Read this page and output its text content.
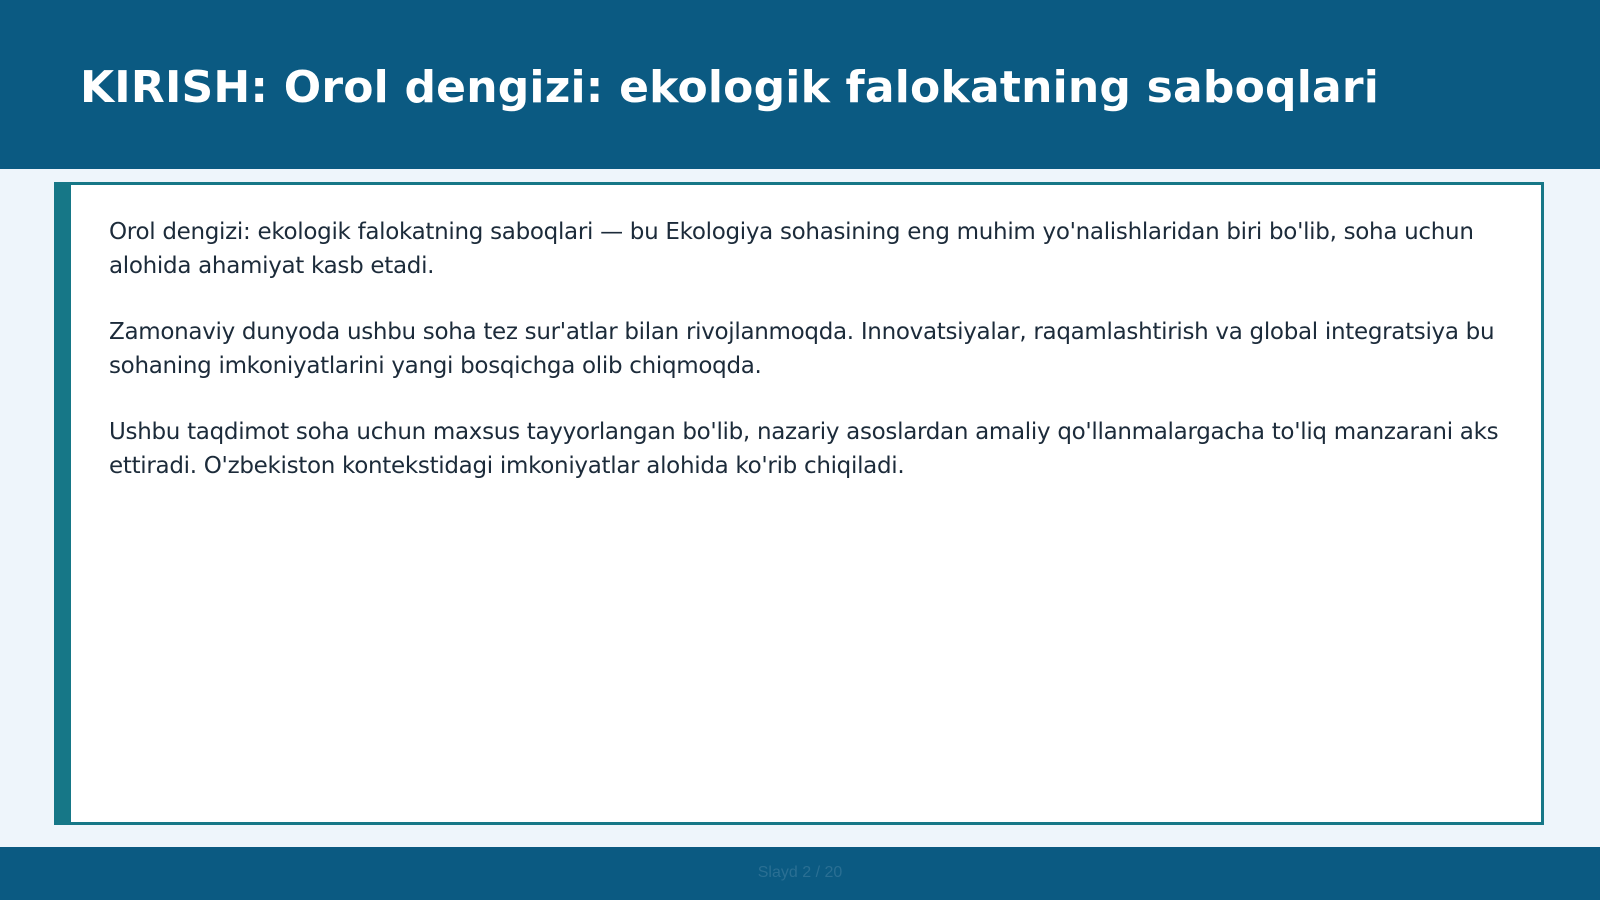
KIRISH: Orol dengizi: ekologik falokatning saboqlari

Orol dengizi: ekologik falokatning saboqlari — bu Ekologiya sohasining eng muhim yo'nalishlaridan biri bo'lib, soha uchun alohida ahamiyat kasb etadi.

Zamonaviy dunyoda ushbu soha tez sur'atlar bilan rivojlanmoqda. Innovatsiyalar, raqamlashtirish va global integratsiya bu sohaning imkoniyatlarini yangi bosqichga olib chiqmoqda.

Ushbu taqdimot soha uchun maxsus tayyorlangan bo'lib, nazariy asoslardan amaliy qo'llanmalargacha to'liq manzarani aks ettiradi. O'zbekiston kontekstidagi imkoniyatlar alohida ko'rib chiqiladi.

Slayd 2 / 20
